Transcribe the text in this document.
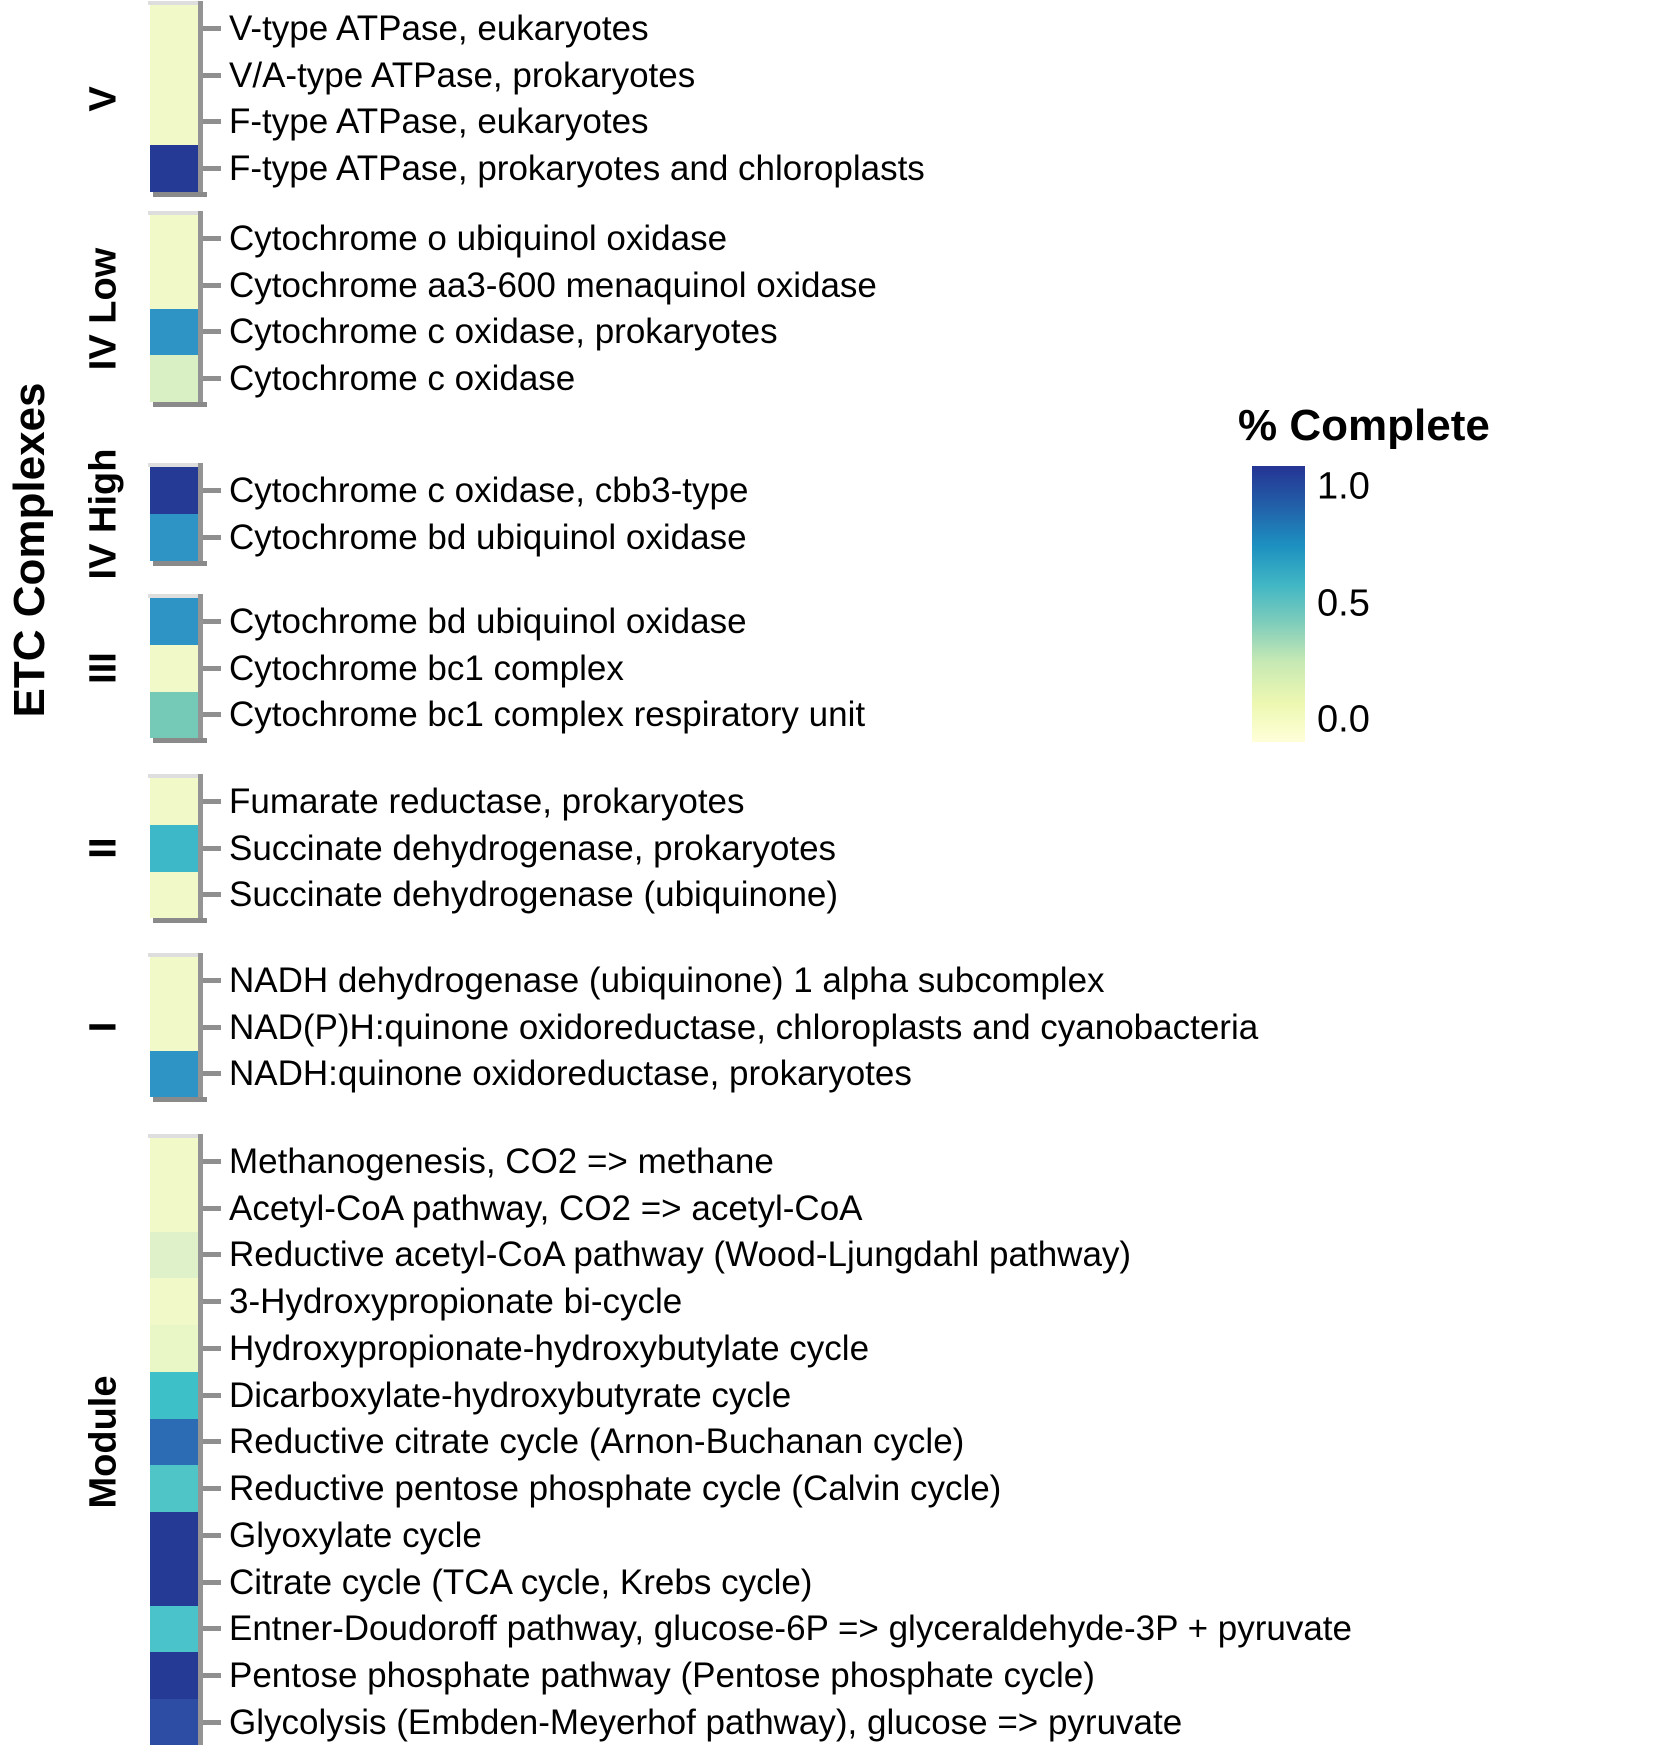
ETC Complexes
V
V-type ATPase, eukaryotes
V/A-type ATPase, prokaryotes
F-type ATPase, eukaryotes
F-type ATPase, prokaryotes and chloroplasts
IV Low
Cytochrome o ubiquinol oxidase
Cytochrome aa3-600 menaquinol oxidase
Cytochrome c oxidase, prokaryotes
Cytochrome c oxidase
IV High	Cytochrome c oxidase, cbb3-type
Cytochrome bd ubiquinol oxidase
III
Cytochrome bd ubiquinol oxidase
Cytochrome bc1 complex
Cytochrome bc1 complex respiratory unit
II
Fumarate reductase, prokaryotes
Succinate dehydrogenase, prokaryotes
Succinate dehydrogenase (ubiquinone)
I
NADH dehydrogenase (ubiquinone) 1 alpha subcomplex
NAD(P)H:quinone oxidoreductase, chloroplasts and cyanobacteria
NADH:quinone oxidoreductase, prokaryotes
Module
Methanogenesis, CO2 => methane
Acetyl-CoA pathway, CO2 => acetyl-CoA
Reductive acetyl-CoA pathway (Wood-Ljungdahl pathway)
3-Hydroxypropionate bi-cycle
Hydroxypropionate-hydroxybutylate cycle
Dicarboxylate-hydroxybutyrate cycle
Reductive citrate cycle (Arnon-Buchanan cycle)
Reductive pentose phosphate cycle (Calvin cycle)
Glyoxylate cycle
Citrate cycle (TCA cycle, Krebs cycle)
Entner-Doudoroff pathway, glucose-6P => glyceraldehyde-3P + pyruvate
Pentose phosphate pathway (Pentose phosphate cycle)
Glycolysis (Embden-Meyerhof pathway), glucose => pyruvate
% Complete
1.0
0.5
0.0
